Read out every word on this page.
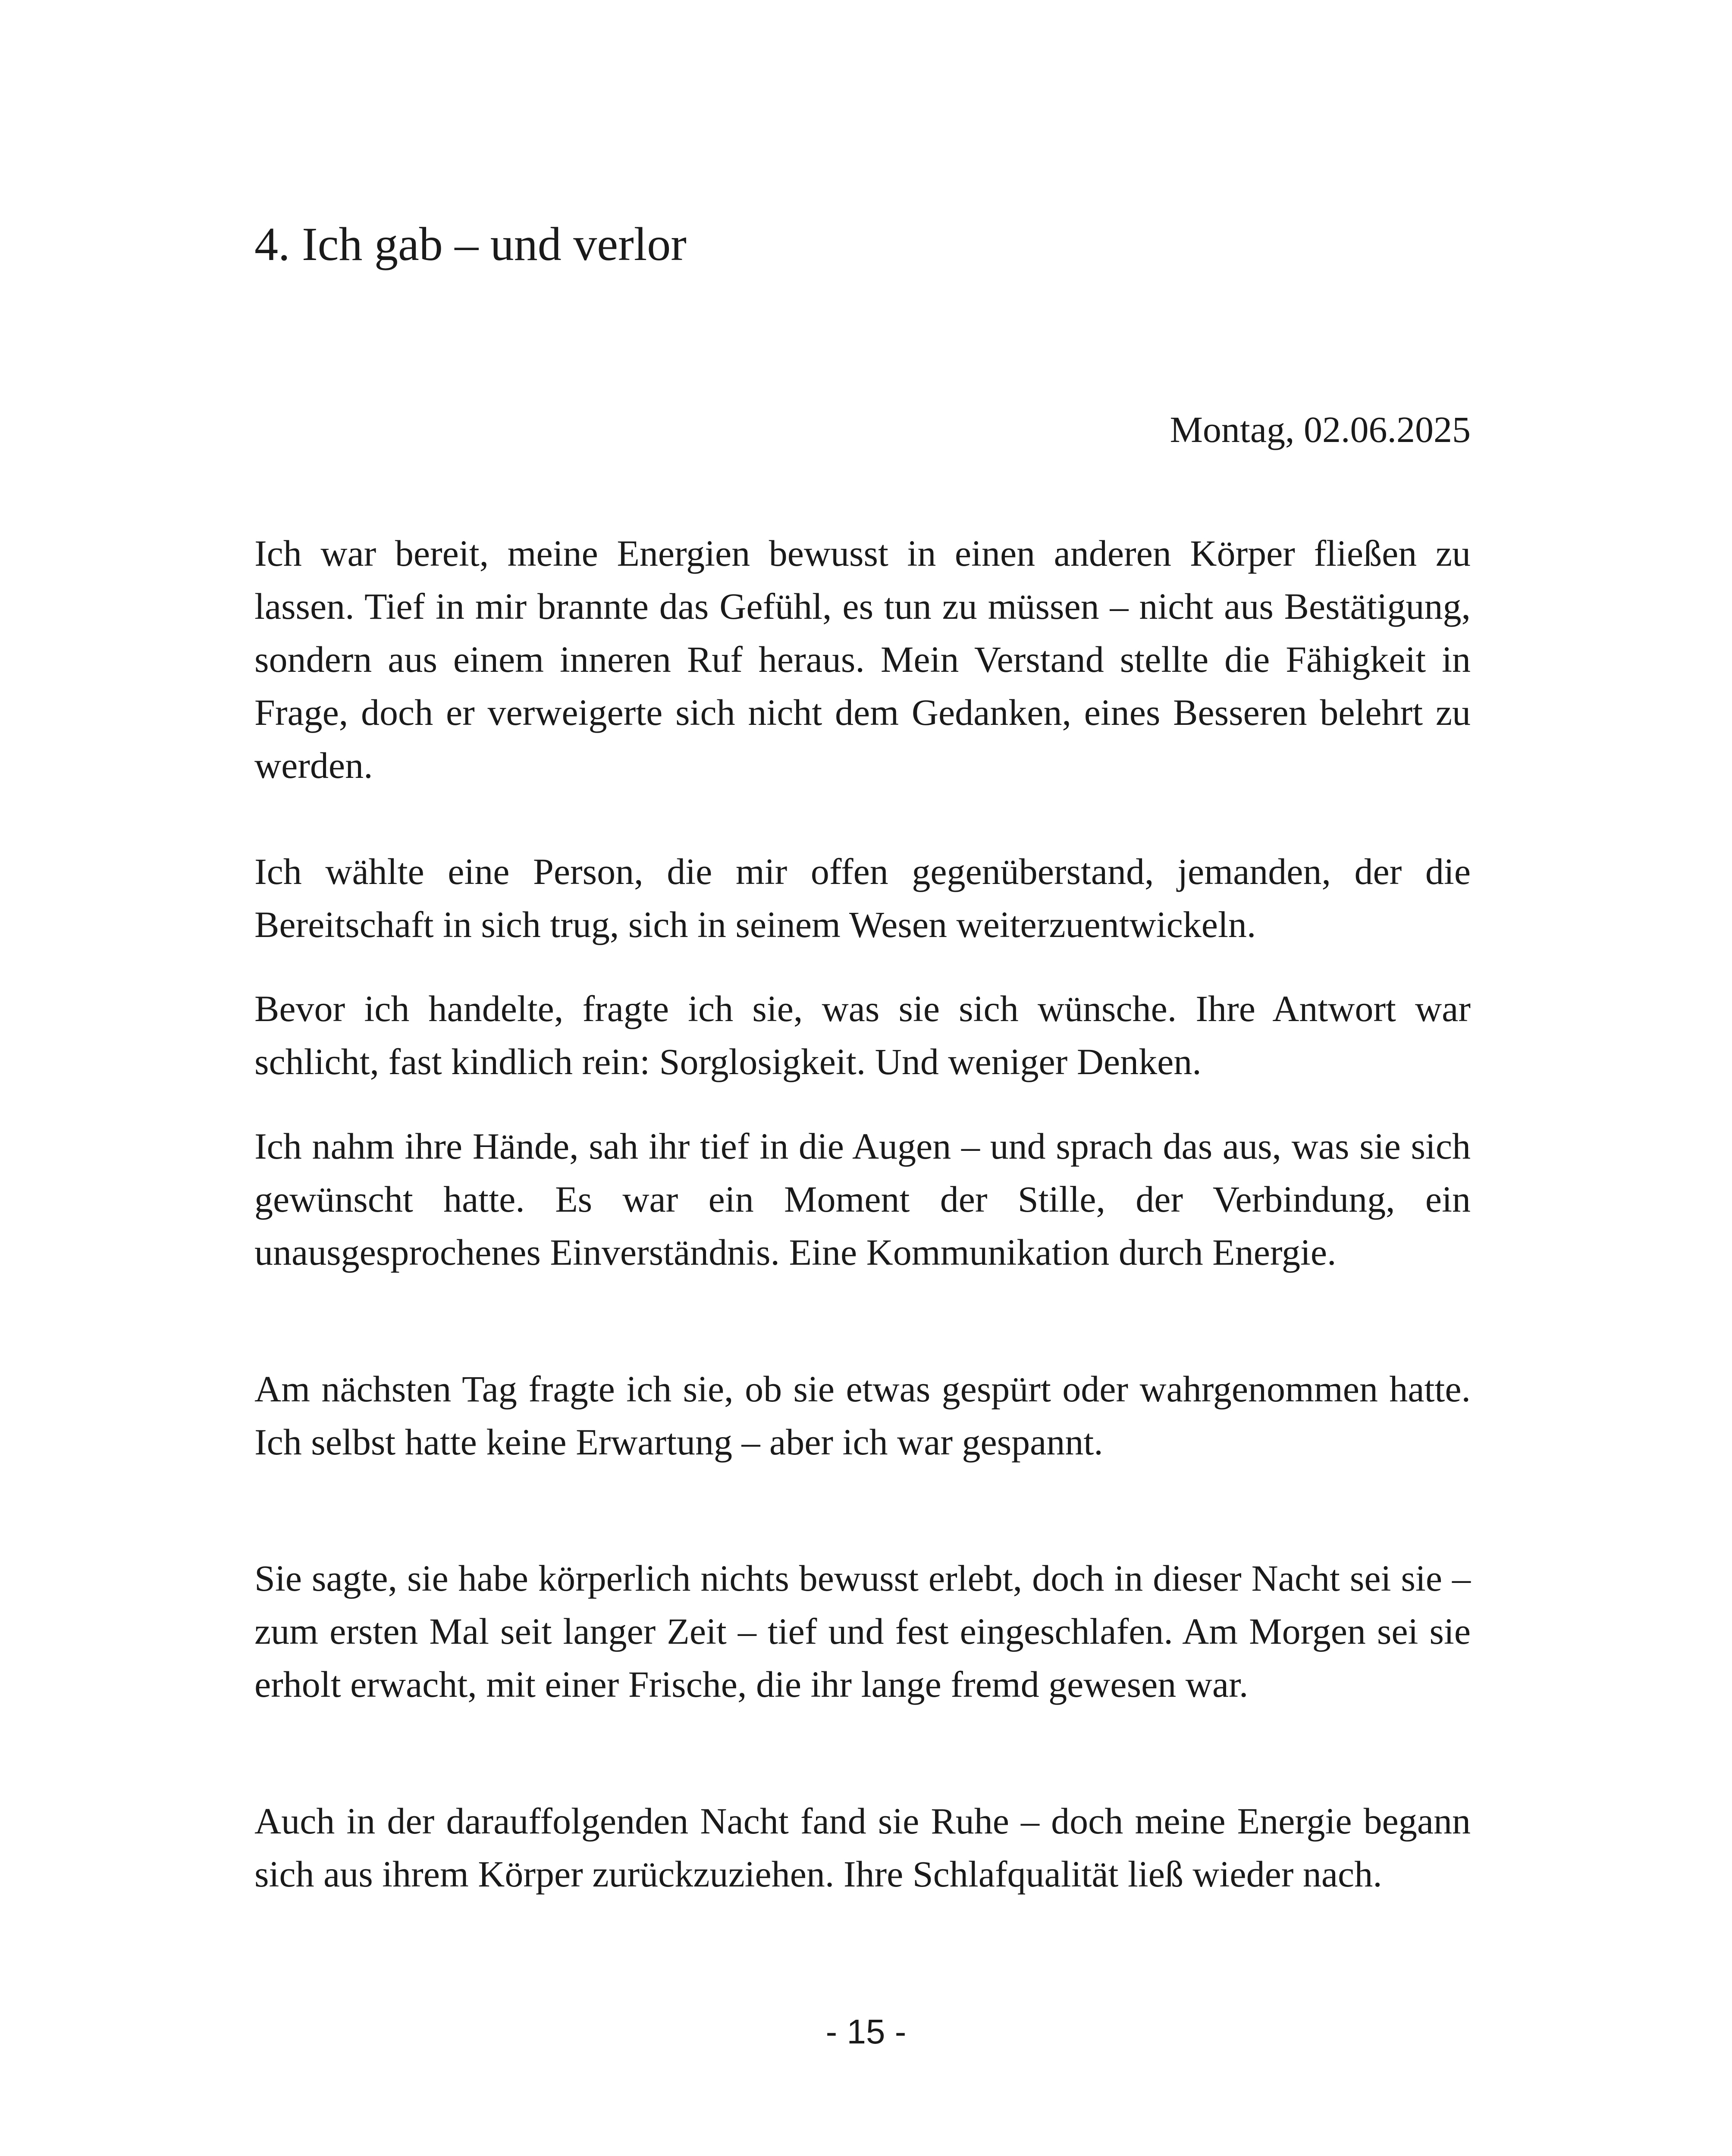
4. Ich gab – und verlor

Montag, 02.06.2025

Ich war bereit, meine Energien bewusst in einen anderen Körper fließen zu lassen. Tief in mir brannte das Gefühl, es tun zu müssen – nicht aus Bestätigung, sondern aus einem inneren Ruf heraus. Mein Verstand stellte die Fähigkeit in Frage, doch er verweigerte sich nicht dem Gedanken, eines Besseren belehrt zu werden.

Ich wählte eine Person, die mir offen gegenüberstand, jemanden, der die Bereitschaft in sich trug, sich in seinem Wesen weiterzuentwickeln.

Bevor ich handelte, fragte ich sie, was sie sich wünsche. Ihre Antwort war schlicht, fast kindlich rein: Sorglosigkeit. Und weniger Denken.

Ich nahm ihre Hände, sah ihr tief in die Augen – und sprach das aus, was sie sich gewünscht hatte. Es war ein Moment der Stille, der Verbindung, ein unausgesprochenes Einverständnis. Eine Kommunikation durch Energie.

Am nächsten Tag fragte ich sie, ob sie etwas gespürt oder wahrgenommen hatte. Ich selbst hatte keine Erwartung – aber ich war gespannt.

Sie sagte, sie habe körperlich nichts bewusst erlebt, doch in dieser Nacht sei sie – zum ersten Mal seit langer Zeit – tief und fest eingeschlafen. Am Morgen sei sie erholt erwacht, mit einer Frische, die ihr lange fremd gewesen war.

Auch in der darauffolgenden Nacht fand sie Ruhe – doch meine Energie begann sich aus ihrem Körper zurückzuziehen. Ihre Schlafqualität ließ wieder nach.

- 15 -
